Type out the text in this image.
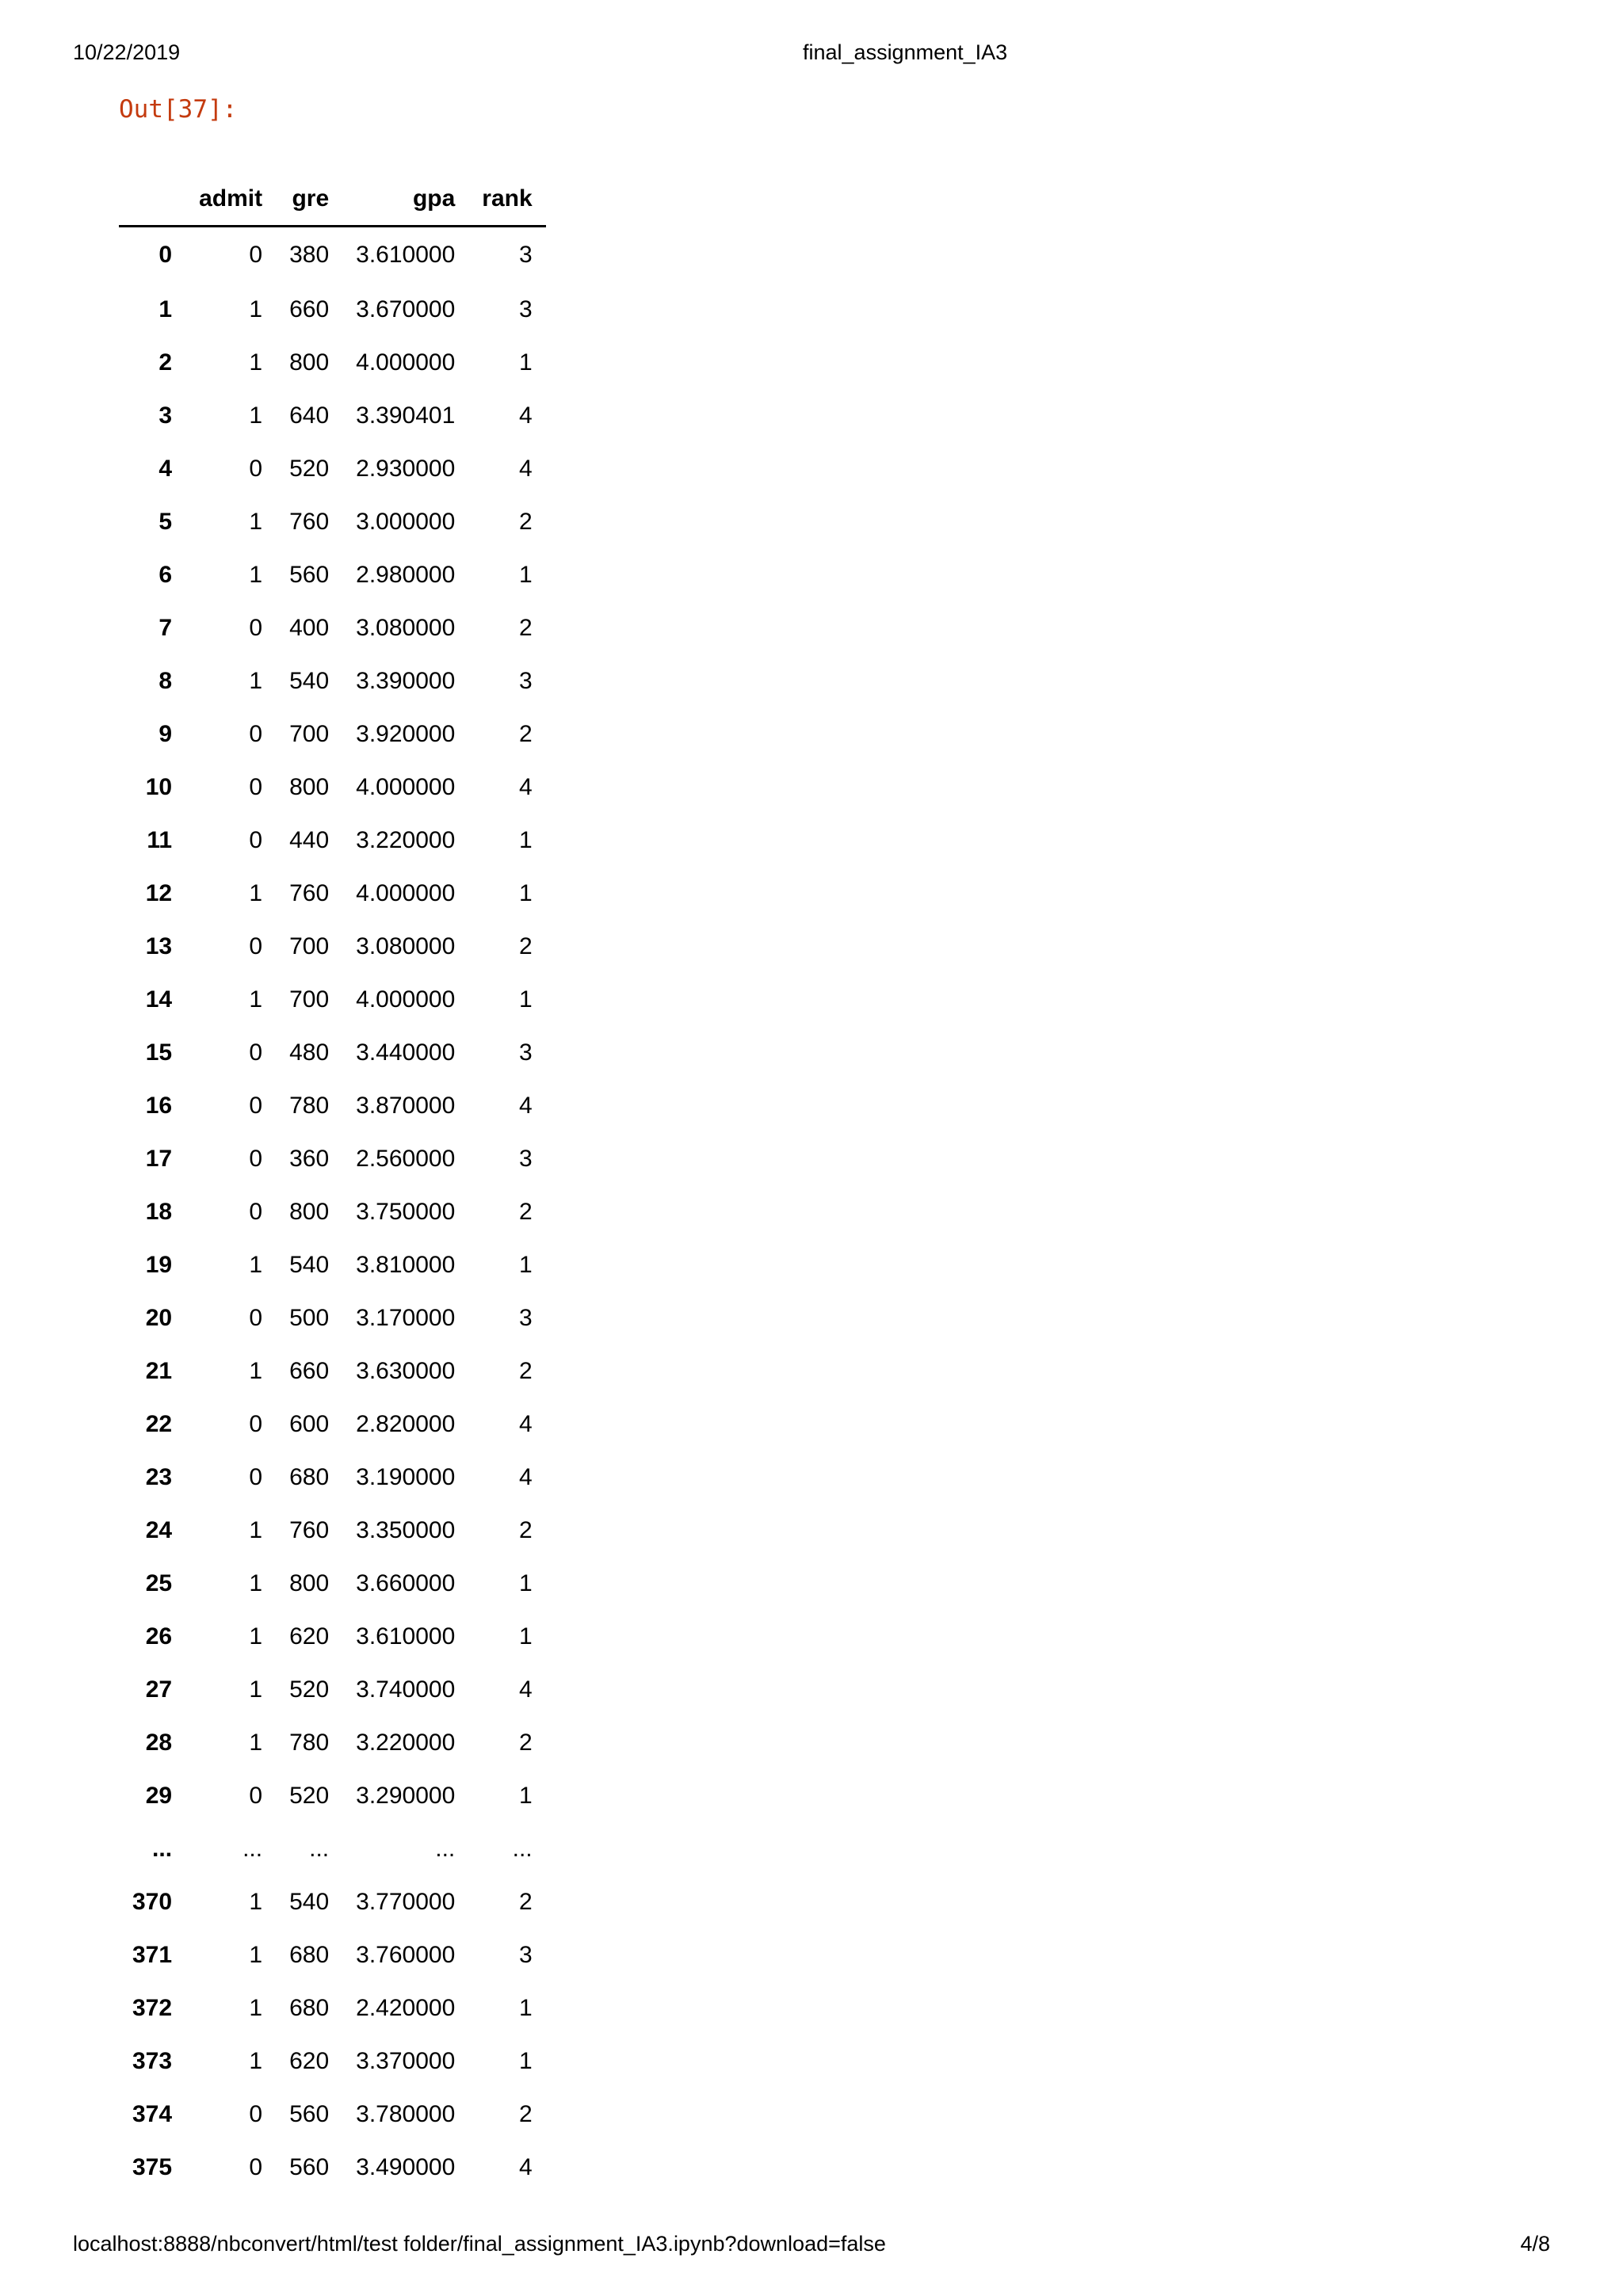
10/22/2019	final_assignment_IA3
Out[37]:
	admit	gre	gpa	rank
0	0	380	3.610000	3
1	1	660	3.670000	3
2	1	800	4.000000	1
3	1	640	3.390401	4
4	0	520	2.930000	4
5	1	760	3.000000	2
6	1	560	2.980000	1
7	0	400	3.080000	2
8	1	540	3.390000	3
9	0	700	3.920000	2
10	0	800	4.000000	4
11	0	440	3.220000	1
12	1	760	4.000000	1
13	0	700	3.080000	2
14	1	700	4.000000	1
15	0	480	3.440000	3
16	0	780	3.870000	4
17	0	360	2.560000	3
18	0	800	3.750000	2
19	1	540	3.810000	1
20	0	500	3.170000	3
21	1	660	3.630000	2
22	0	600	2.820000	4
23	0	680	3.190000	4
24	1	760	3.350000	2
25	1	800	3.660000	1
26	1	620	3.610000	1
27	1	520	3.740000	4
28	1	780	3.220000	2
29	0	520	3.290000	1
...	...	...	...	...
370	1	540	3.770000	2
371	1	680	3.760000	3
372	1	680	2.420000	1
373	1	620	3.370000	1
374	0	560	3.780000	2
375	0	560	3.490000	4
localhost:8888/nbconvert/html/test folder/final_assignment_IA3.ipynb?download=false	4/8
